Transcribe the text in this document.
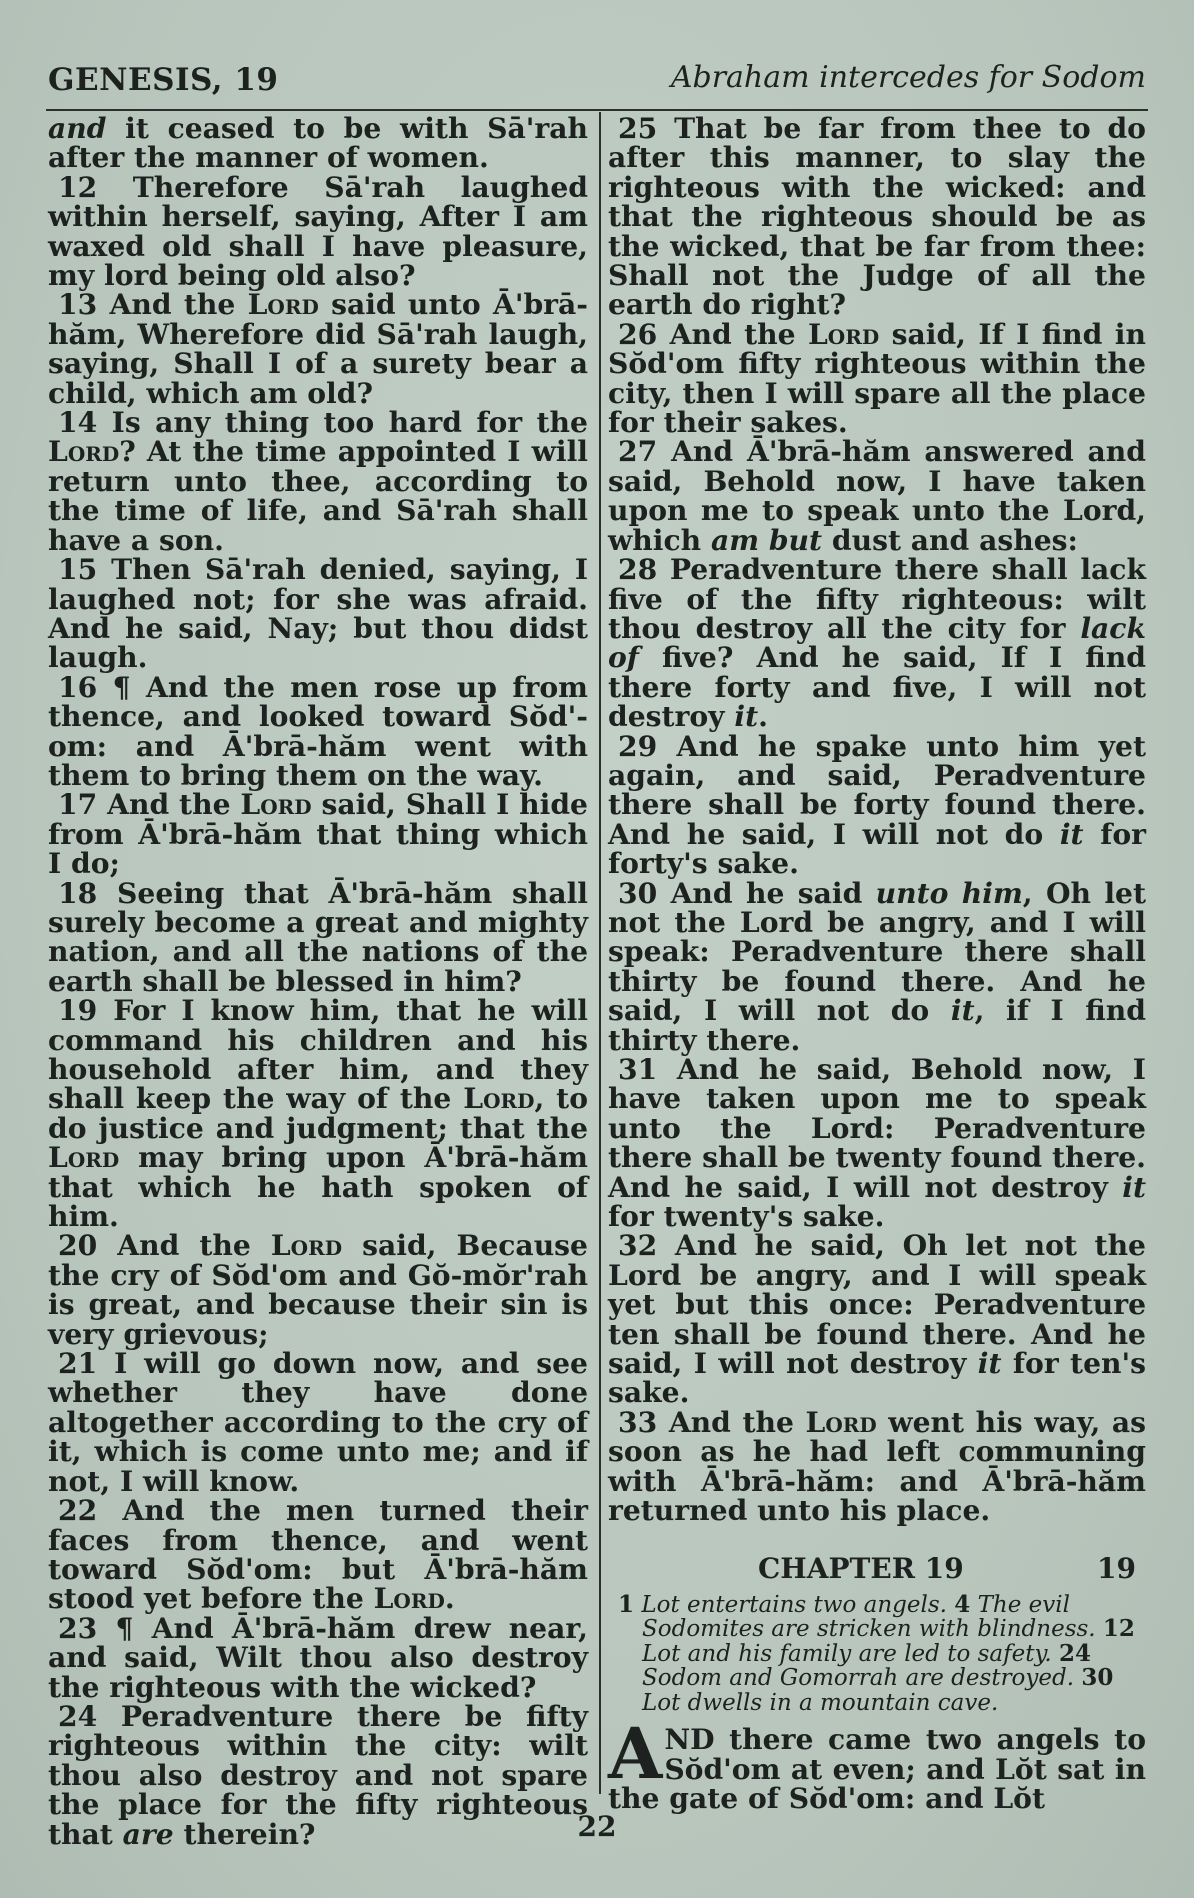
GENESIS, 19	Abraham intercedes for Sodom

and it ceased to be with Sā'rah after the manner of women.

12 Therefore Sā'rah laughed within herself, saying, After I am waxed old shall I have pleasure, my lord being old also?

13 And the Lord said unto Ā'brā-hăm, Wherefore did Sā'rah laugh, saying, Shall I of a surety bear a child, which am old?

14 Is any thing too hard for the Lord? At the time appointed I will return unto thee, according to the time of life, and Sā'rah shall have a son.

15 Then Sā'rah denied, saying, I laughed not; for she was afraid. And he said, Nay; but thou didst laugh.

16 ¶ And the men rose up from thence, and looked toward Sŏd'-om: and Ā'brā-hăm went with them to bring them on the way.

17 And the Lord said, Shall I hide from Ā'brā-hăm that thing which I do;

18 Seeing that Ā'brā-hăm shall surely become a great and mighty nation, and all the nations of the earth shall be blessed in him?

19 For I know him, that he will command his children and his household after him, and they shall keep the way of the Lord, to do justice and judgment; that the Lord may bring upon Ā'brā-hăm that which he hath spoken of him.

20 And the Lord said, Because the cry of Sŏd'om and Gŏ-mŏr'rah is great, and because their sin is very grievous;

21 I will go down now, and see whether they have done altogether according to the cry of it, which is come unto me; and if not, I will know.

22 And the men turned their faces from thence, and went toward Sŏd'om: but Ā'brā-hăm stood yet before the Lord.

23 ¶ And Ā'brā-hăm drew near, and said, Wilt thou also destroy the righteous with the wicked?

24 Peradventure there be fifty righteous within the city: wilt thou also destroy and not spare the place for the fifty righteous that are therein?

25 That be far from thee to do after this manner, to slay the righteous with the wicked: and that the righteous should be as the wicked, that be far from thee: Shall not the Judge of all the earth do right?

26 And the Lord said, If I find in Sŏd'om fifty righteous within the city, then I will spare all the place for their sakes.

27 And Ā'brā-hăm answered and said, Behold now, I have taken upon me to speak unto the Lord, which am but dust and ashes:

28 Peradventure there shall lack five of the fifty righteous: wilt thou destroy all the city for lack of five? And he said, If I find there forty and five, I will not destroy it.

29 And he spake unto him yet again, and said, Peradventure there shall be forty found there. And he said, I will not do it for forty's sake.

30 And he said unto him, Oh let not the Lord be angry, and I will speak: Peradventure there shall thirty be found there. And he said, I will not do it, if I find thirty there.

31 And he said, Behold now, I have taken upon me to speak unto the Lord: Peradventure there shall be twenty found there. And he said, I will not destroy it for twenty's sake.

32 And he said, Oh let not the Lord be angry, and I will speak yet but this once: Peradventure ten shall be found there. And he said, I will not destroy it for ten's sake.

33 And the Lord went his way, as soon as he had left communing with Ā'brā-hăm: and Ā'brā-hăm returned unto his place.

CHAPTER 19	19

1 Lot entertains two angels. 4 The evil Sodomites are stricken with blindness. 12 Lot and his family are led to safety. 24 Sodom and Gomorrah are destroyed. 30 Lot dwells in a mountain cave.

AND there came two angels to Sŏd'om at even; and Lŏt sat in the gate of Sŏd'om: and Lŏt

22
